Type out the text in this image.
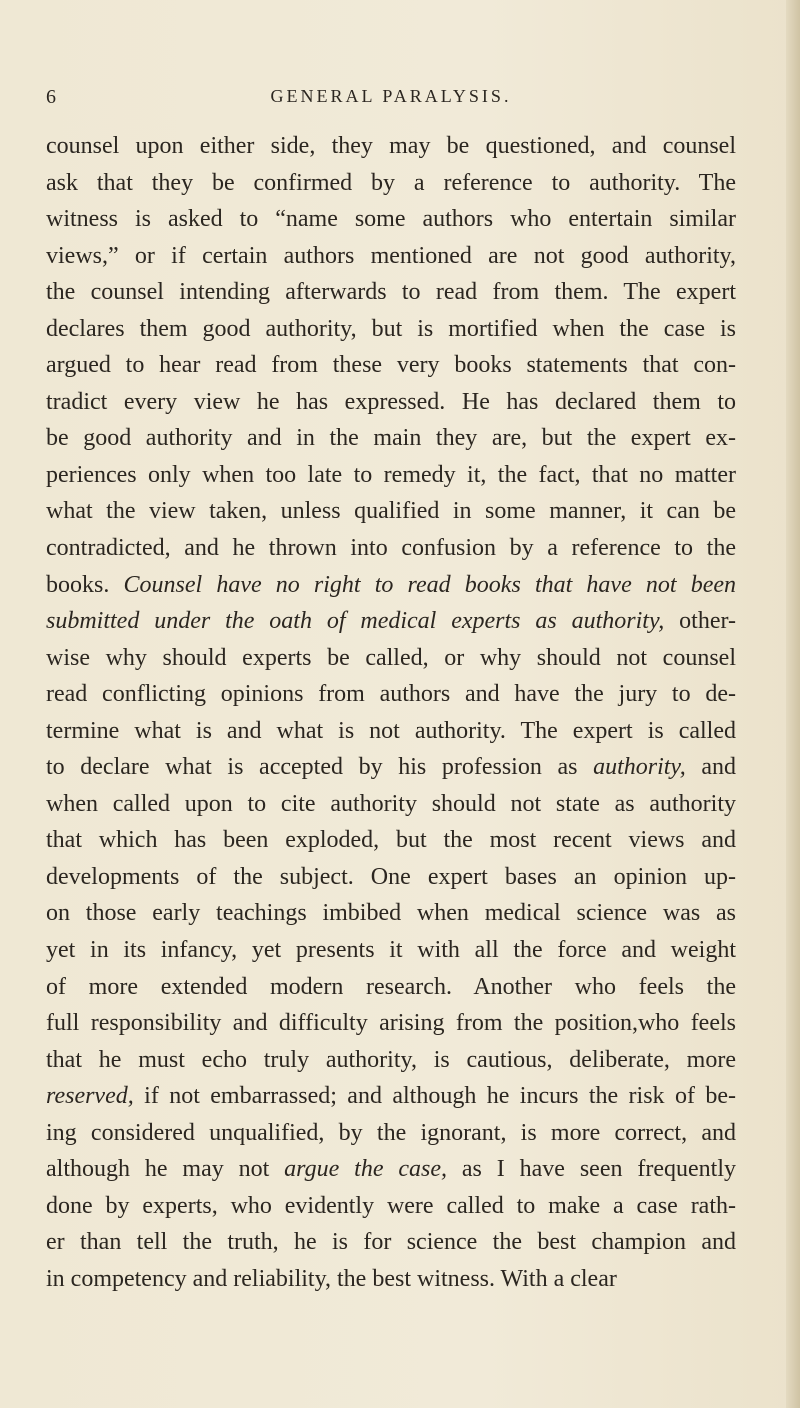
6	GENERAL PARALYSIS.
counsel upon either side, they may be questioned, and counsel
ask that they be confirmed by a reference to authority. The
witness is asked to “name some authors who entertain similar
views,” or if certain authors mentioned are not good authority,
the counsel intending afterwards to read from them. The expert
declares them good authority, but is mortified when the case is
argued to hear read from these very books statements that con-
tradict every view he has expressed. He has declared them to
be good authority and in the main they are, but the expert ex-
periences only when too late to remedy it, the fact, that no matter
what the view taken, unless qualified in some manner, it can be
contradicted, and he thrown into confusion by a reference to the
books. Counsel have no right to read books that have not been
submitted under the oath of medical experts as authority, other-
wise why should experts be called, or why should not counsel
read conflicting opinions from authors and have the jury to de-
termine what is and what is not authority. The expert is called
to declare what is accepted by his profession as authority, and
when called upon to cite authority should not state as authority
that which has been exploded, but the most recent views and
developments of the subject. One expert bases an opinion up-
on those early teachings imbibed when medical science was as
yet in its infancy, yet presents it with all the force and weight
of more extended modern research. Another who feels the
full responsibility and difficulty arising from the position,who feels
that he must echo truly authority, is cautious, deliberate, more
reserved, if not embarrassed; and although he incurs the risk of be-
ing considered unqualified, by the ignorant, is more correct, and
although he may not argue the case, as I have seen frequently
done by experts, who evidently were called to make a case rath-
er than tell the truth, he is for science the best champion and
in competency and reliability, the best witness. With a clear
